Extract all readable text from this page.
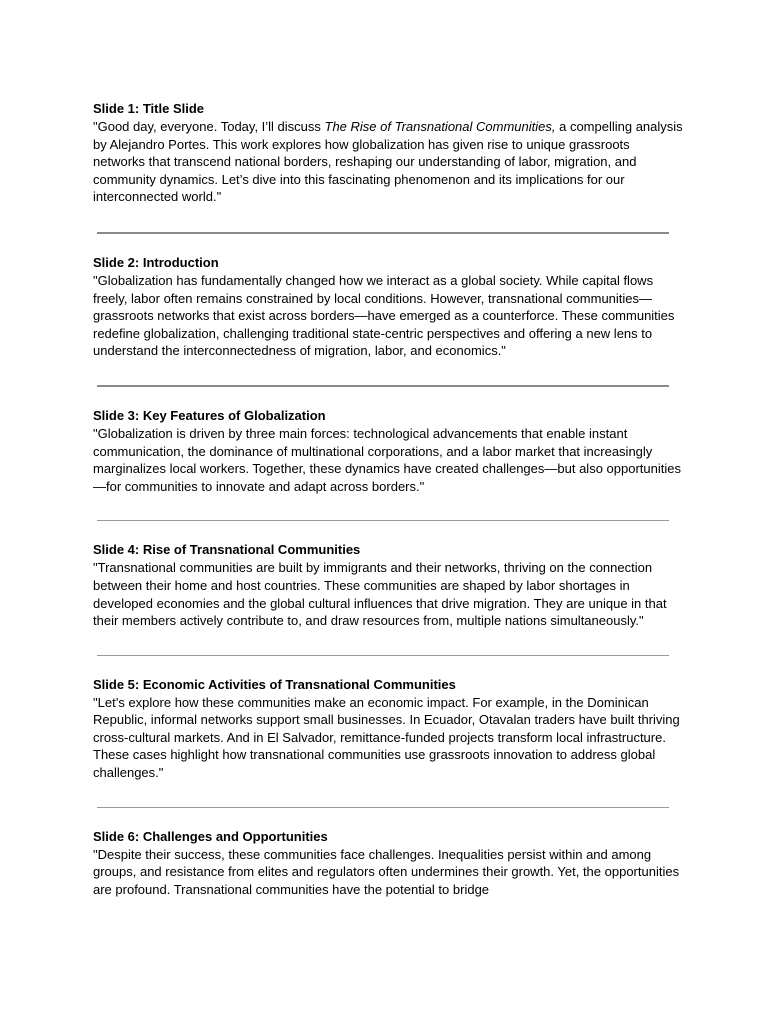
Slide 1: Title Slide

"Good day, everyone. Today, I’ll discuss The Rise of Transnational Communities, a compelling analysis by Alejandro Portes. This work explores how globalization has given rise to unique grassroots networks that transcend national borders, reshaping our understanding of labor, migration, and community dynamics. Let’s dive into this fascinating phenomenon and its implications for our interconnected world."

Slide 2: Introduction

"Globalization has fundamentally changed how we interact as a global society. While capital flows freely, labor often remains constrained by local conditions. However, transnational communities—grassroots networks that exist across borders—have emerged as a counterforce. These communities redefine globalization, challenging traditional state-centric perspectives and offering a new lens to understand the interconnectedness of migration, labor, and economics."

Slide 3: Key Features of Globalization

"Globalization is driven by three main forces: technological advancements that enable instant communication, the dominance of multinational corporations, and a labor market that increasingly marginalizes local workers. Together, these dynamics have created challenges—but also opportunities—for communities to innovate and adapt across borders."

Slide 4: Rise of Transnational Communities

"Transnational communities are built by immigrants and their networks, thriving on the connection between their home and host countries. These communities are shaped by labor shortages in developed economies and the global cultural influences that drive migration. They are unique in that their members actively contribute to, and draw resources from, multiple nations simultaneously."

Slide 5: Economic Activities of Transnational Communities

"Let’s explore how these communities make an economic impact. For example, in the Dominican Republic, informal networks support small businesses. In Ecuador, Otavalan traders have built thriving cross-cultural markets. And in El Salvador, remittance-funded projects transform local infrastructure. These cases highlight how transnational communities use grassroots innovation to address global challenges."

Slide 6: Challenges and Opportunities

"Despite their success, these communities face challenges. Inequalities persist within and among groups, and resistance from elites and regulators often undermines their growth. Yet, the opportunities are profound. Transnational communities have the potential to bridge
